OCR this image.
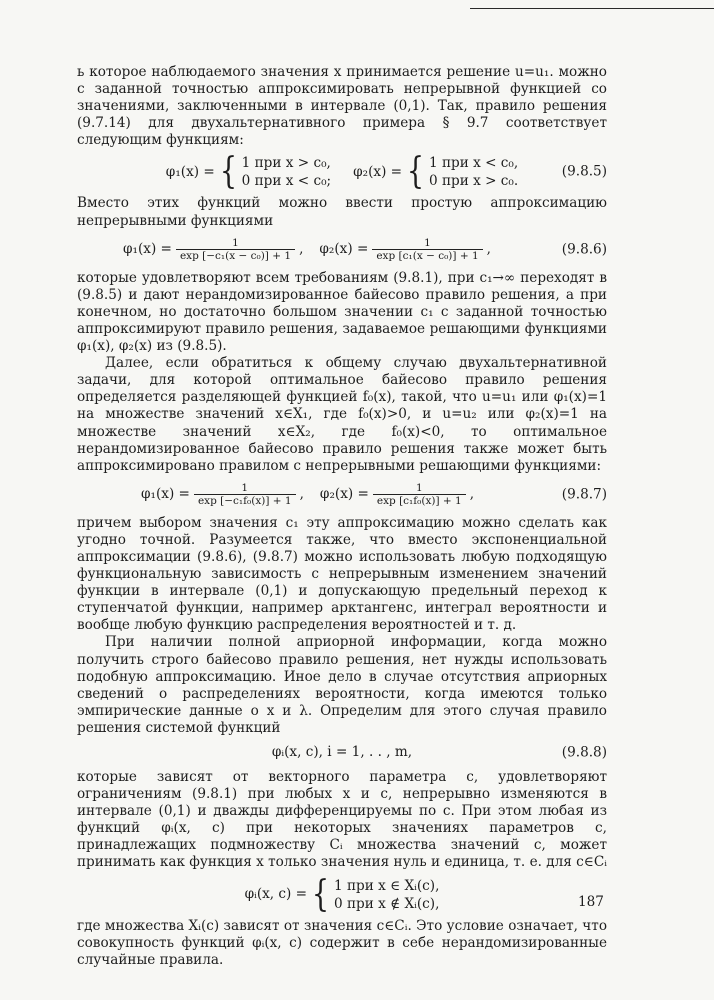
ь которое наблюдаемого значения x принимается решение u=u₁. можно с заданной точностью аппроксимировать непрерывной функцией со значениями, заключенными в интервале (0,1). Так, правило решения (9.7.14) для двухальтернативного примера § 9.7 соответствует следующим функциям:

φ₁(x) = { 1 при x > c₀,
0 при x < c₀;
φ₂(x) = { 1 при x < c₀,
0 при x > c₀.
(9.8.5)

Вместо этих функций можно ввести простую аппроксимацию непрерывными функциями

$\varphi_1(x) = \frac{1}{\text{exp [−c₁(x − c₀)] + 1}}$ , $\varphi_2(x) = \frac{1}{\text{exp [c₁(x − c₀)] + 1}}$ ,	(9.8.6)

которые удовлетворяют всем требованиям (9.8.1), при c₁→∞ переходят в (9.8.5) и дают нерандомизированное байесово правило решения, а при конечном, но достаточно большом значении c₁ с заданной точностью аппроксимируют правило решения, задаваемое решающими функциями φ₁(x), φ₂(x) из (9.8.5).

Далее, если обратиться к общему случаю двухальтернативной задачи, для которой оптимальное байесово правило решения определяется разделяющей функцией f₀(x), такой, что u=u₁ или φ₁(x)=1 на множестве значений x∈X₁, где f₀(x)>0, и u=u₂ или φ₂(x)=1 на множестве значений x∈X₂, где f₀(x)<0, то оптимальное нерандомизированное байесово правило решения также может быть аппроксимировано правилом с непрерывными решающими функциями:

$\varphi_1(x) = \frac{1}{\text{exp [−c₁f₀(x)] + 1}}$ , $\varphi_2(x) = \frac{1}{\text{exp [c₁f₀(x)] + 1}}$ ,	(9.8.7)

причем выбором значения c₁ эту аппроксимацию можно сделать как угодно точной. Разумеется также, что вместо экспоненциальной аппроксимации (9.8.6), (9.8.7) можно использовать любую подходящую функциональную зависимость с непрерывным изменением значений функции в интервале (0,1) и допускающую предельный переход к ступенчатой функции, например арктангенс, интеграл вероятности и вообще любую функцию распределения вероятностей и т. д.

При наличии полной априорной информации, когда можно получить строго байесово правило решения, нет нужды использовать подобную аппроксимацию. Иное дело в случае отсутствия априорных сведений о распределениях вероятности, когда имеются только эмпирические данные о x и λ. Определим для этого случая правило решения системой функций

φᵢ(x, c), i = 1, . . , m,	(9.8.8)

которые зависят от векторного параметра c, удовлетворяют ограничениям (9.8.1) при любых x и c, непрерывно изменяются в интервале (0,1) и дважды дифференцируемы по c. При этом любая из функций φᵢ(x, c) при некоторых значениях параметров c, принадлежащих подмножеству Cᵢ множества значений c, может принимать как функция x только значения нуль и единица, т. е. для c∈Cᵢ

φᵢ(x, c) = { 1 при x ∈ Xᵢ(c),
0 при x ∉ Xᵢ(c),

где множества Xᵢ(c) зависят от значения c∈Cᵢ. Это условие означает, что совокупность функций φᵢ(x, c) содержит в себе нерандомизированные случайные правила.

187
